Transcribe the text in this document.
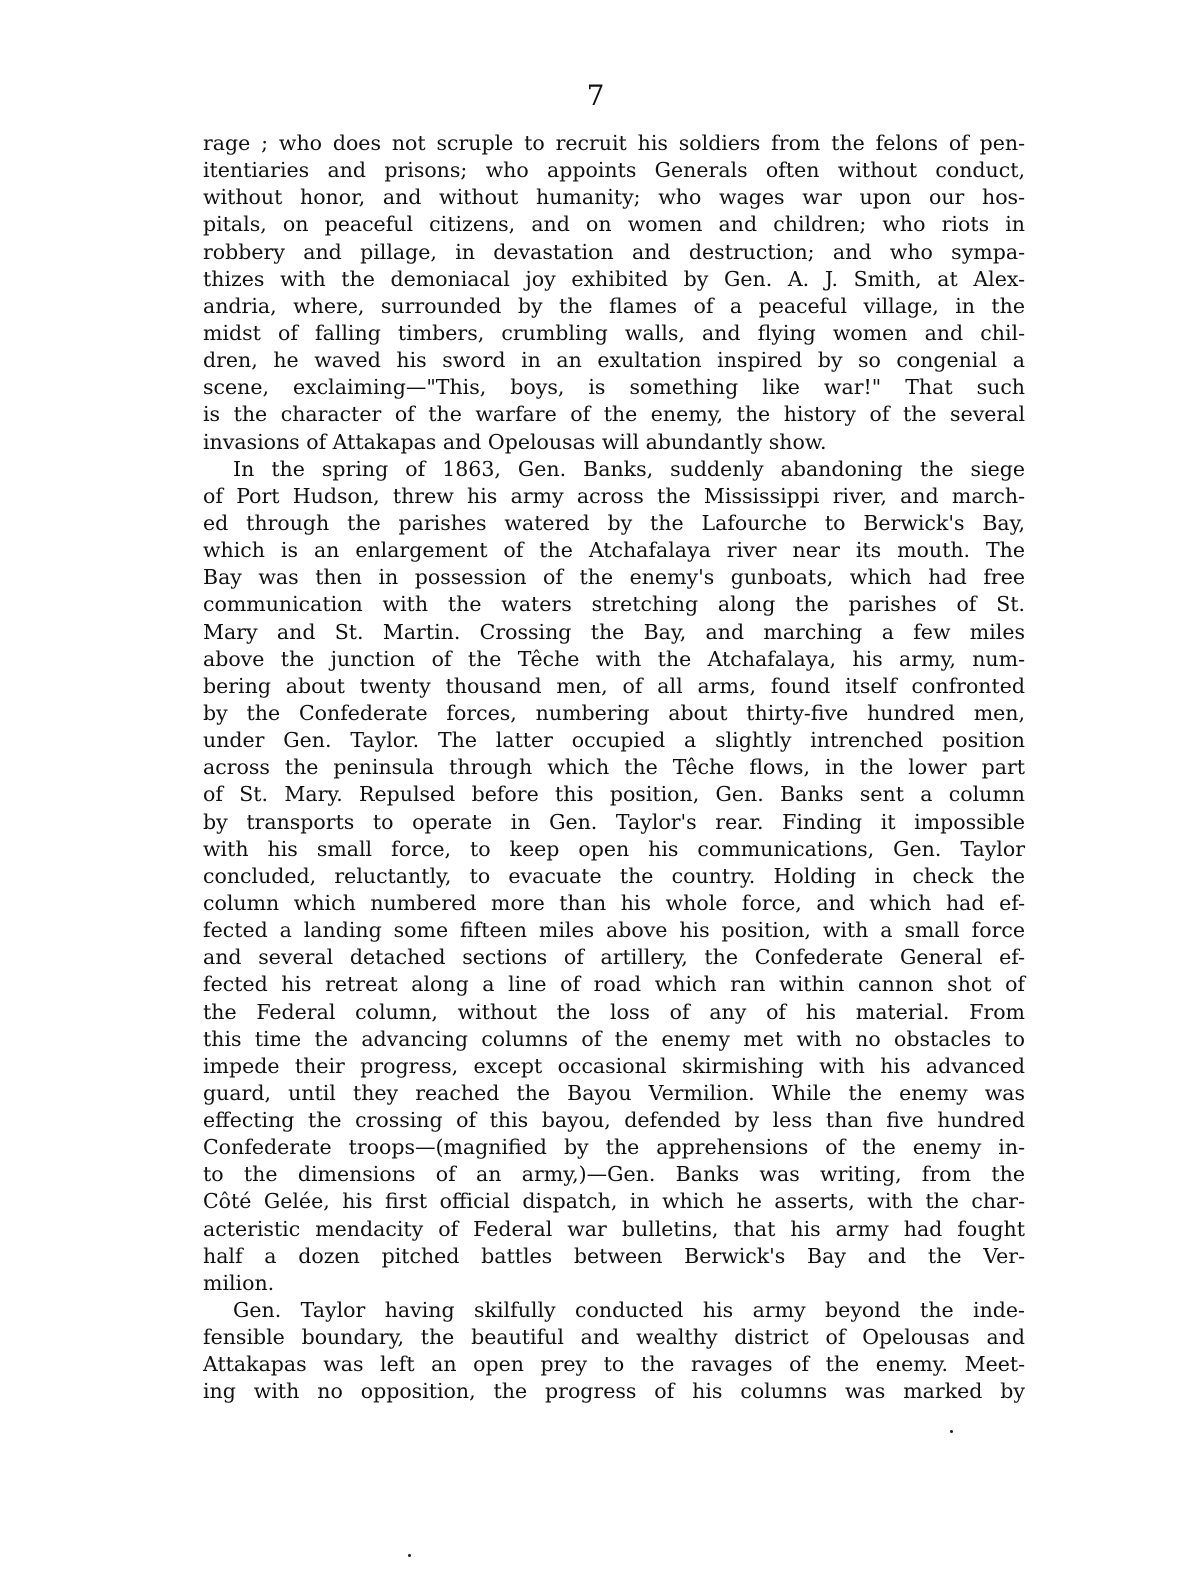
7

rage ; who does not scruple to recruit his soldiers from the felons of pen-
itentiaries and prisons; who appoints Generals often without conduct,
without honor, and without humanity; who wages war upon our hos-
pitals, on peaceful citizens, and on women and children; who riots in
robbery and pillage, in devastation and destruction; and who sympa-
thizes with the demoniacal joy exhibited by Gen. A. J. Smith, at Alex-
andria, where, surrounded by the flames of a peaceful village, in the
midst of falling timbers, crumbling walls, and flying women and chil-
dren, he waved his sword in an exultation inspired by so congenial a
scene, exclaiming—"This, boys, is something like war!" That such
is the character of the warfare of the enemy, the history of the several
invasions of Attakapas and Opelousas will abundantly show.

In the spring of 1863, Gen. Banks, suddenly abandoning the siege
of Port Hudson, threw his army across the Mississippi river, and march-
ed through the parishes watered by the Lafourche to Berwick's Bay,
which is an enlargement of the Atchafalaya river near its mouth. The
Bay was then in possession of the enemy's gunboats, which had free
communication with the waters stretching along the parishes of St.
Mary and St. Martin. Crossing the Bay, and marching a few miles
above the junction of the Têche with the Atchafalaya, his army, num-
bering about twenty thousand men, of all arms, found itself confronted
by the Confederate forces, numbering about thirty-five hundred men,
under Gen. Taylor. The latter occupied a slightly intrenched position
across the peninsula through which the Têche flows, in the lower part
of St. Mary. Repulsed before this position, Gen. Banks sent a column
by transports to operate in Gen. Taylor's rear. Finding it impossible
with his small force, to keep open his communications, Gen. Taylor
concluded, reluctantly, to evacuate the country. Holding in check the
column which numbered more than his whole force, and which had ef-
fected a landing some fifteen miles above his position, with a small force
and several detached sections of artillery, the Confederate General ef-
fected his retreat along a line of road which ran within cannon shot of
the Federal column, without the loss of any of his material. From
this time the advancing columns of the enemy met with no obstacles to
impede their progress, except occasional skirmishing with his advanced
guard, until they reached the Bayou Vermilion. While the enemy was
effecting the crossing of this bayou, defended by less than five hundred
Confederate troops—(magnified by the apprehensions of the enemy in-
to the dimensions of an army,)—Gen. Banks was writing, from the
Côté Gelée, his first official dispatch, in which he asserts, with the char-
acteristic mendacity of Federal war bulletins, that his army had fought
half a dozen pitched battles between Berwick's Bay and the Ver-
milion.

Gen. Taylor having skilfully conducted his army beyond the inde-
fensible boundary, the beautiful and wealthy district of Opelousas and
Attakapas was left an open prey to the ravages of the enemy. Meet-
ing with no opposition, the progress of his columns was marked by
